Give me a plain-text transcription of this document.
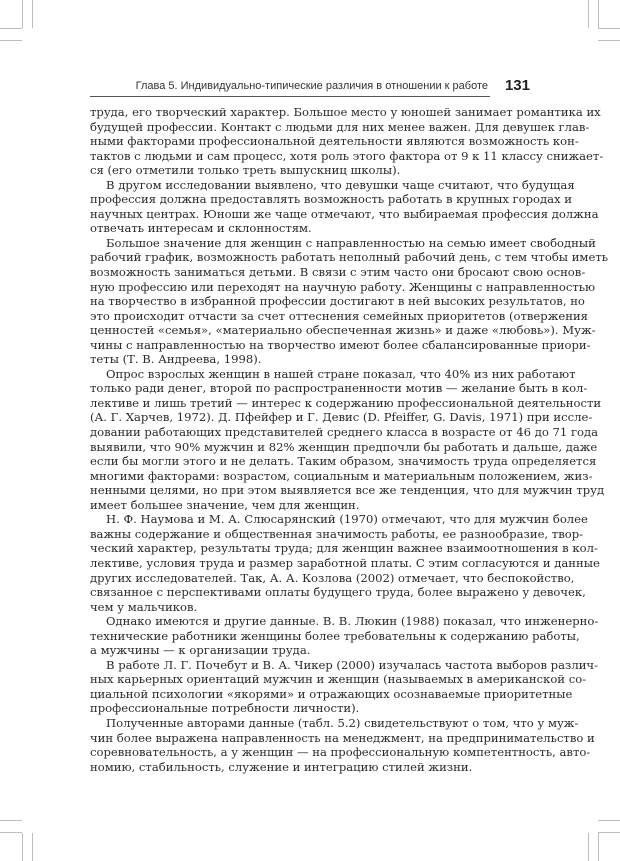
Глава 5. Индивидуально-типические различия в отношении к работе 131
труда, его творческий характер. Большое место у юношей занимает романтика их
будущей профессии. Контакт с людьми для них менее важен. Для девушек глав-
ными факторами профессиональной деятельности являются возможность кон-
тактов с людьми и сам процесс, хотя роль этого фактора от 9 к 11 классу снижает-
ся (его отметили только треть выпускниц школы).
В другом исследовании выявлено, что девушки чаще считают, что будущая
профессия должна предоставлять возможность работать в крупных городах и
научных центрах. Юноши же чаще отмечают, что выбираемая профессия должна
отвечать интересам и склонностям.
Большое значение для женщин с направленностью на семью имеет свободный
рабочий график, возможность работать неполный рабочий день, с тем чтобы иметь
возможность заниматься детьми. В связи с этим часто они бросают свою основ-
ную профессию или переходят на научную работу. Женщины с направленностью
на творчество в избранной профессии достигают в ней высоких результатов, но
это происходит отчасти за счет оттеснения семейных приоритетов (отвержения
ценностей «семья», «материально обеспеченная жизнь» и даже «любовь»). Муж-
чины с направленностью на творчество имеют более сбалансированные приори-
теты (Т. В. Андреева, 1998).
Опрос взрослых женщин в нашей стране показал, что 40% из них работают
только ради денег, второй по распространенности мотив — желание быть в кол-
лективе и лишь третий — интерес к содержанию профессиональной деятельности
(А. Г. Харчев, 1972). Д. Пфейфер и Г. Девис (D. Pfeiffer, G. Davis, 1971) при иссле-
довании работающих представителей среднего класса в возрасте от 46 до 71 года
выявили, что 90% мужчин и 82% женщин предпочли бы работать и дальше, даже
если бы могли этого и не делать. Таким образом, значимость труда определяется
многими факторами: возрастом, социальным и материальным положением, жиз-
ненными целями, но при этом выявляется все же тенденция, что для мужчин труд
имеет большее значение, чем для женщин.
Н. Ф. Наумова и М. А. Слюсарянский (1970) отмечают, что для мужчин более
важны содержание и общественная значимость работы, ее разнообразие, твор-
ческий характер, результаты труда; для женщин важнее взаимоотношения в кол-
лективе, условия труда и размер заработной платы. С этим согласуются и данные
других исследователей. Так, А. А. Козлова (2002) отмечает, что беспокойство,
связанное с перспективами оплаты будущего труда, более выражено у девочек,
чем у мальчиков.
Однако имеются и другие данные. В. В. Люкин (1988) показал, что инженерно-
технические работники женщины более требовательны к содержанию работы,
а мужчины — к организации труда.
В работе Л. Г. Почебут и В. А. Чикер (2000) изучалась частота выборов различ-
ных карьерных ориентаций мужчин и женщин (называемых в американской со-
циальной психологии «якорями» и отражающих осознаваемые приоритетные
профессиональные потребности личности).
Полученные авторами данные (табл. 5.2) свидетельствуют о том, что у муж-
чин более выражена направленность на менеджмент, на предпринимательство и
соревновательность, а у женщин — на профессиональную компетентность, авто-
номию, стабильность, служение и интеграцию стилей жизни.
